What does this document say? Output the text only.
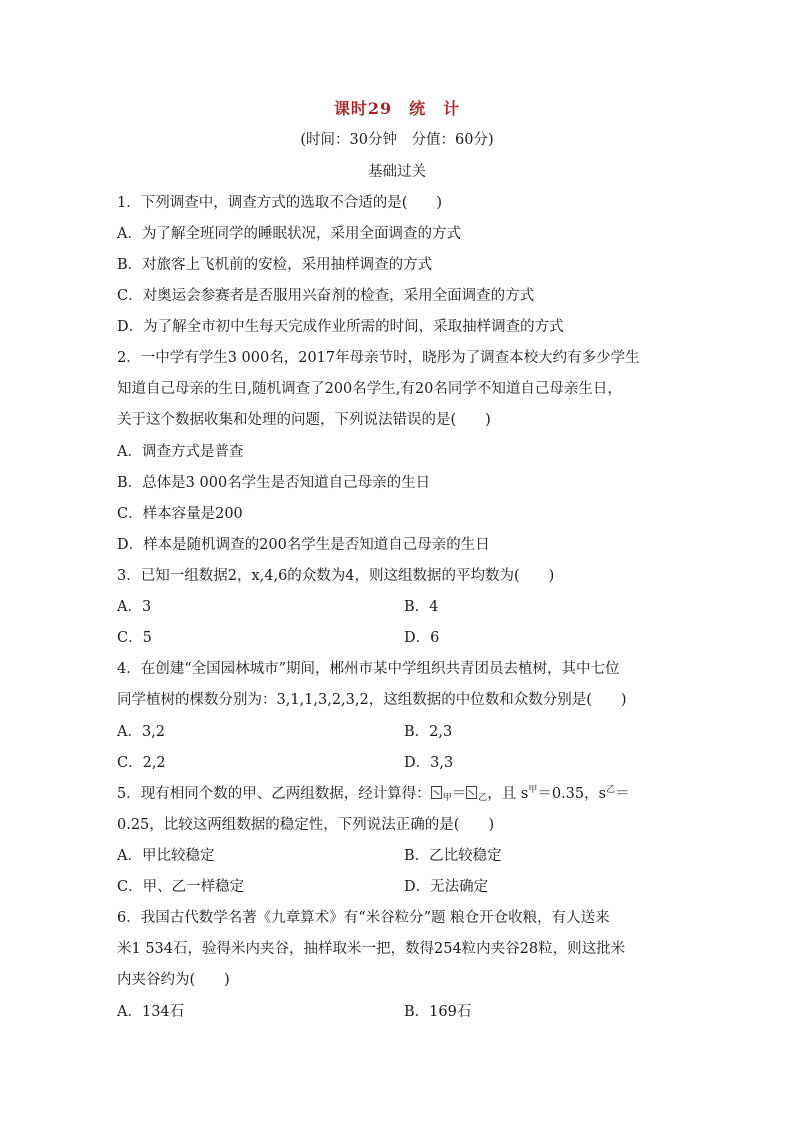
课时29　统　计
(时间：30分钟　分值：60分)
基础过关
1．下列调查中，调查方式的选取不合适的是(　　)
A．为了解全班同学的睡眠状况，采用全面调查的方式
B．对旅客上飞机前的安检，采用抽样调查的方式
C．对奥运会参赛者是否服用兴奋剂的检查，采用全面调查的方式
D．为了解全市初中生每天完成作业所需的时间，采取抽样调查的方式
2．一中学有学生3 000名，2017年母亲节时，晓彤为了调查本校大约有多少学生
知道自己母亲的生日,随机调查了200名学生,有20名同学不知道自己母亲生日，
关于这个数据收集和处理的问题，下列说法错误的是(　　)
A．调查方式是普查
B．总体是3 000名学生是否知道自己母亲的生日
C．样本容量是200
D．样本是随机调查的200名学生是否知道自己母亲的生日
3．已知一组数据2，x,4,6的众数为4，则这组数据的平均数为(　　)
A．3	B．4
C．5	D．6
4．在创建“全国园林城市”期间，郴州市某中学组织共青团员去植树，其中七位
同学植树的棵数分别为：3,1,1,3,2,3,2，这组数据的中位数和众数分别是(　　)
A．3,2	B．2,3
C．2,2	D．3,3
5．现有相同个数的甲、乙两组数据，经计算得： $_甲$＝ $_乙$，且 $s^甲=0.35$，$s^乙=$
0.25，比较这两组数据的稳定性，下列说法正确的是(　　)
A．甲比较稳定	B．乙比较稳定
C．甲、乙一样稳定	D．无法确定
6．我国古代数学名著《九章算术》有“米谷粒分”题 粮仓开仓收粮，有人送来
米1 534石，验得米内夹谷，抽样取米一把，数得254粒内夹谷28粒，则这批米
内夹谷约为(　　)
A．134石	B．169石
